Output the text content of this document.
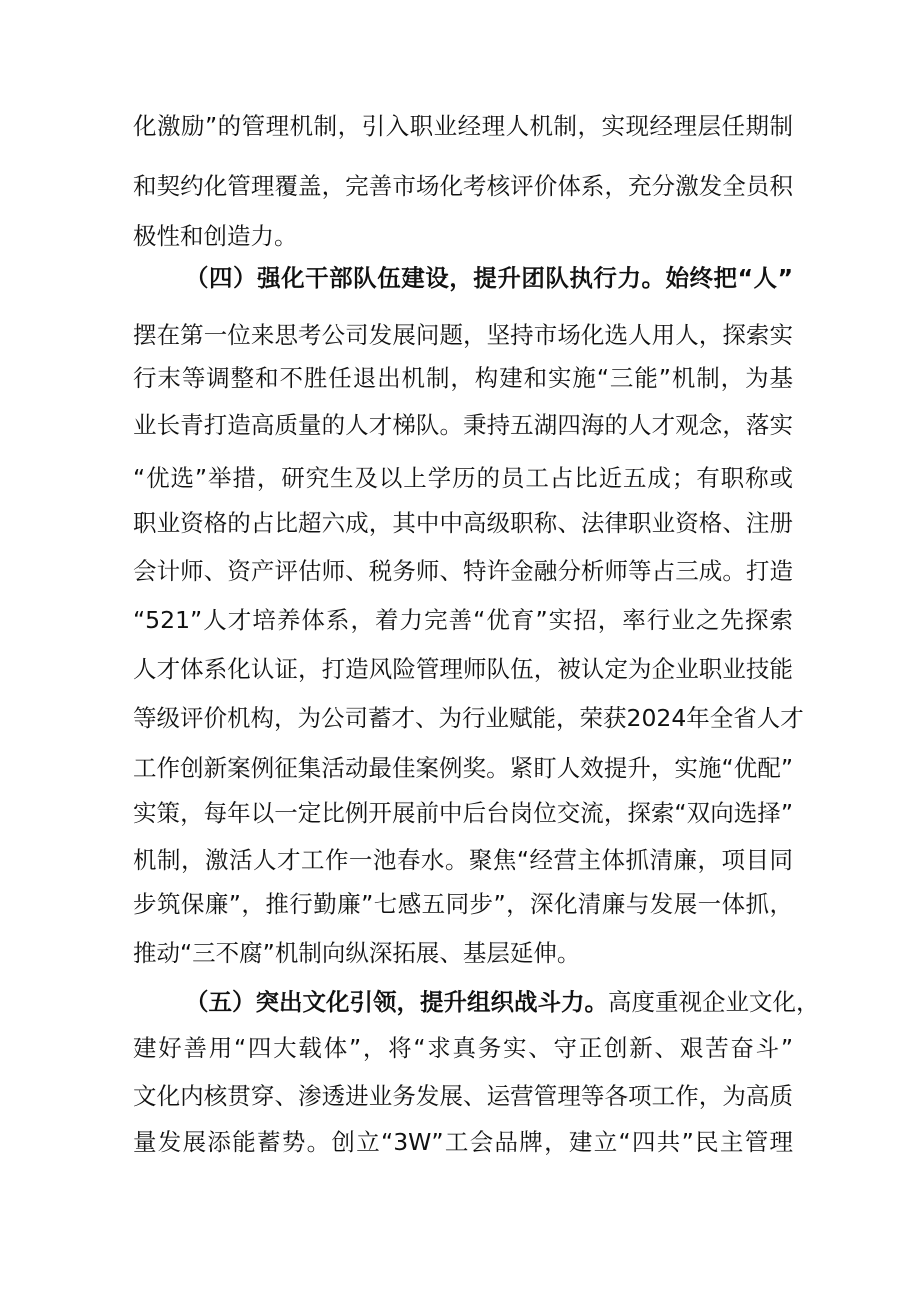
化激励”的管理机制，引入职业经理人机制，实现经理层任期制
和契约化管理覆盖，完善市场化考核评价体系，充分激发全员积
极性和创造力。
（四）强化干部队伍建设，提升团队执行力。始终把“人”
摆在第一位来思考公司发展问题，坚持市场化选人用人，探索实
行末等调整和不胜任退出机制，构建和实施“三能”机制，为基
业长青打造高质量的人才梯队。秉持五湖四海的人才观念，落实
“优选”举措，研究生及以上学历的员工占比近五成；有职称或
职业资格的占比超六成，其中中高级职称、法律职业资格、注册
会计师、资产评估师、税务师、特许金融分析师等占三成。打造
“521”人才培养体系，着力完善“优育”实招，率行业之先探索
人才体系化认证，打造风险管理师队伍，被认定为企业职业技能
等级评价机构，为公司蓄才、为行业赋能，荣获2024年全省人才
工作创新案例征集活动最佳案例奖。紧盯人效提升，实施“优配”
实策，每年以一定比例开展前中后台岗位交流，探索“双向选择”
机制，激活人才工作一池春水。聚焦“经营主体抓清廉，项目同
步筑保廉”，推行勤廉”七感五同步”，深化清廉与发展一体抓，
推动“三不腐”机制向纵深拓展、基层延伸。
（五）突出文化引领，提升组织战斗力。高度重视企业文化，
建好善用“四大载体”，将“求真务实、守正创新、艰苦奋斗”
文化内核贯穿、渗透进业务发展、运营管理等各项工作，为高质
量发展添能蓄势。创立“3W”工会品牌，建立“四共”民主管理
